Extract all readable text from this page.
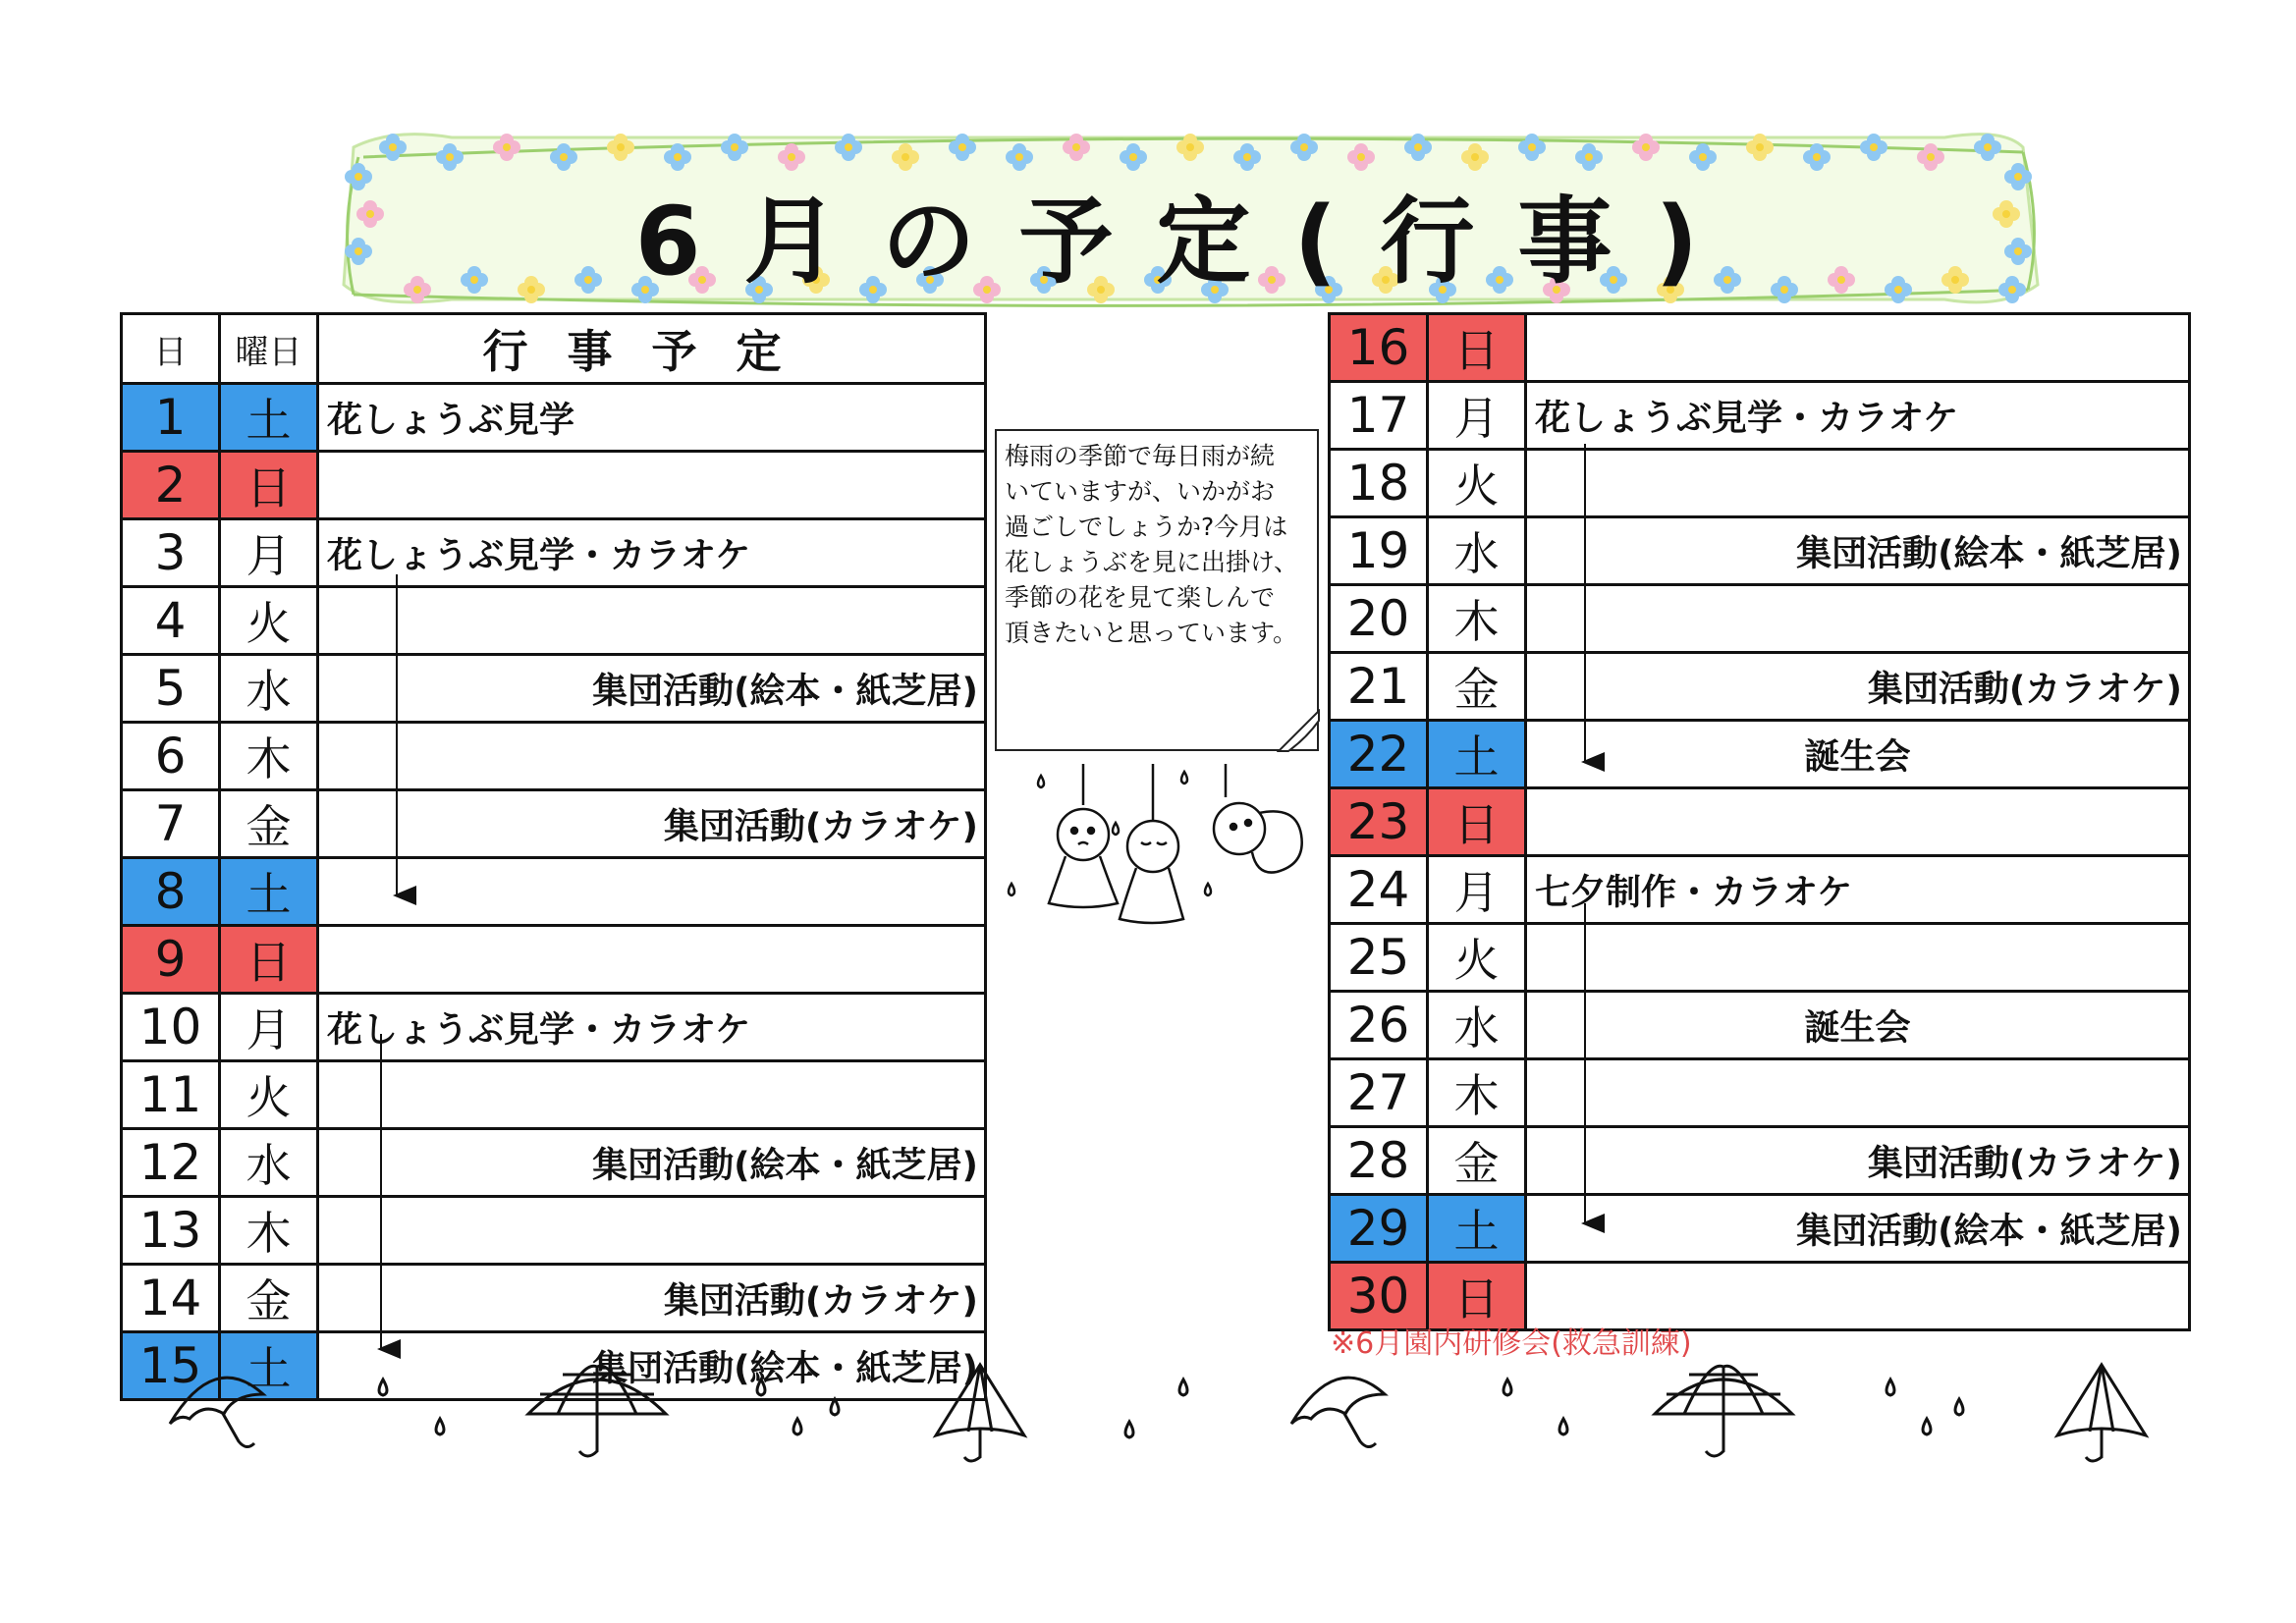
6月の予定(行事)
日	曜日	行事予定
1	土	花しょうぶ見学

2	日	

3	月	花しょうぶ見学・カラオケ

4	火	

5	水	集団活動(絵本・紙芝居)

6	木	

7	金	集団活動(カラオケ)

8	土	

9	日	

10	月	花しょうぶ見学・カラオケ

11	火	

12	水	集団活動(絵本・紙芝居)

13	木	

14	金	集団活動(カラオケ)

15	土	集団活動(絵本・紙芝居)
梅雨の季節で毎日雨が続
いていますが、いかがお
過ごしでしょうか?今月は
花しょうぶを見に出掛け、
季節の花を見て楽しんで
頂きたいと思っています。
16	日	

17	月	花しょうぶ見学・カラオケ

18	火	

19	水	集団活動(絵本・紙芝居)

20	木	

21	金	集団活動(カラオケ)

22	土	誕生会

23	日	

24	月	七夕制作・カラオケ

25	火	

26	水	誕生会

27	木	

28	金	集団活動(カラオケ)

29	土	集団活動(絵本・紙芝居)

30	日	
※6月園内研修会(救急訓練)
